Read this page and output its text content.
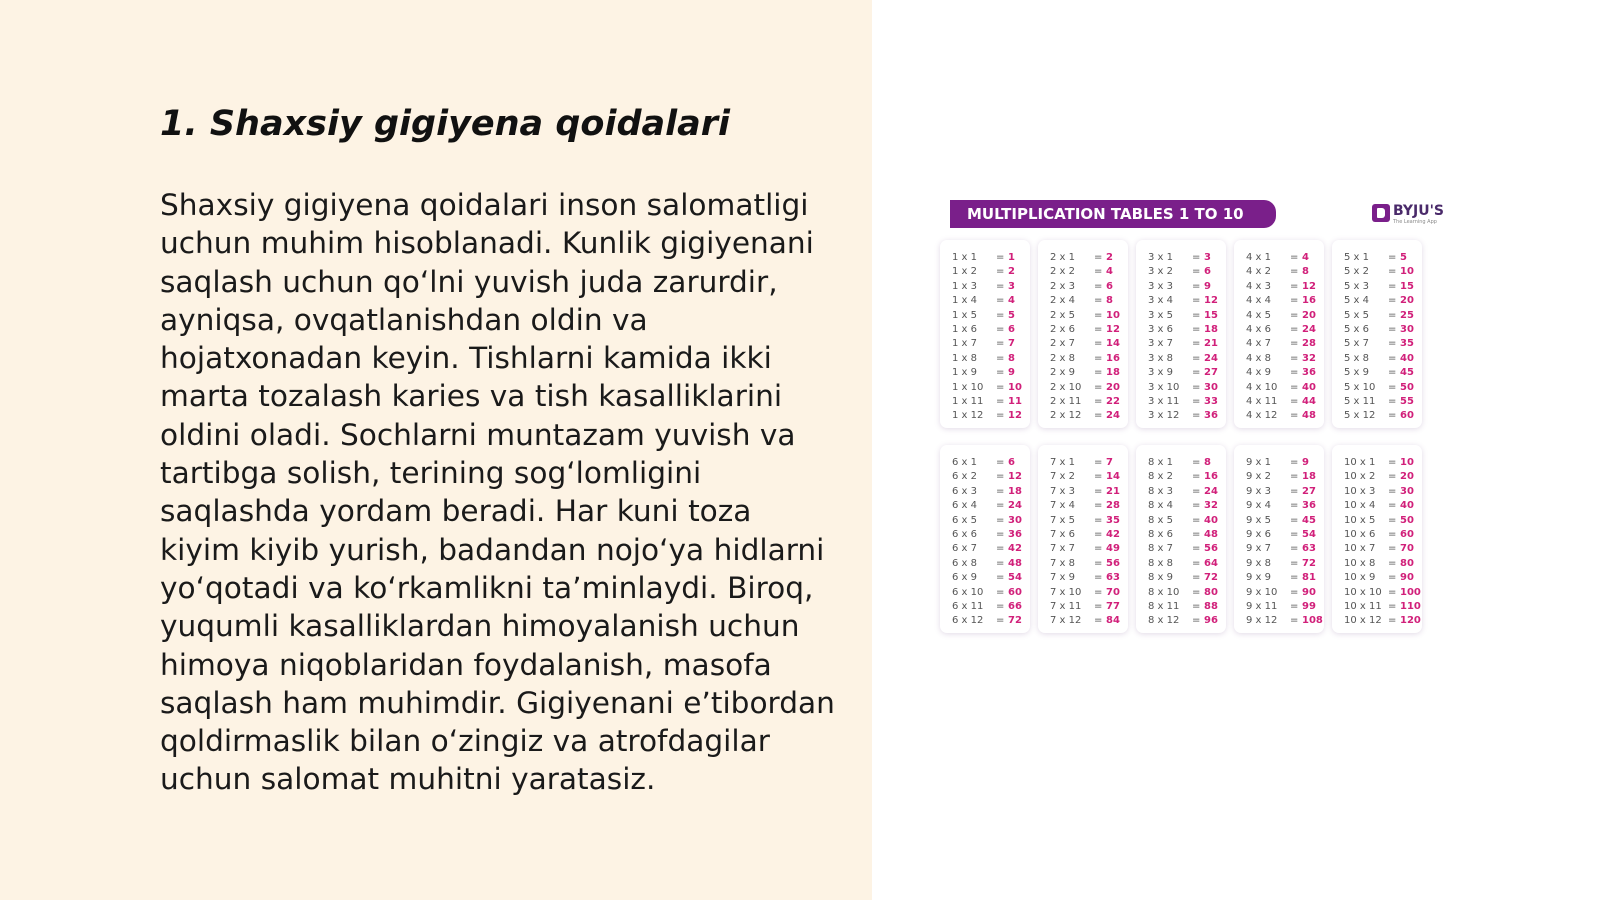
1. Shaxsiy gigiyena qoidalari

Shaxsiy gigiyena qoidalari inson salomatligi
uchun muhim hisoblanadi. Kunlik gigiyenani
saqlash uchun qo‘lni yuvish juda zarurdir,
ayniqsa, ovqatlanishdan oldin va
hojatxonadan keyin. Tishlarni kamida ikki
marta tozalash karies va tish kasalliklarini
oldini oladi. Sochlarni muntazam yuvish va
tartibga solish, terining sog‘lomligini
saqlashda yordam beradi. Har kuni toza
kiyim kiyib yurish, badandan nojo‘ya hidlarni
yo‘qotadi va ko‘rkamlikni ta’minlaydi. Biroq,
yuqumli kasalliklardan himoyalanish uchun
himoya niqoblaridan foydalanish, masofa
saqlash ham muhimdir. Gigiyenani e’tibordan
qoldirmaslik bilan o‘zingiz va atrofdagilar
uchun salomat muhitni yaratasiz.

MULTIPLICATION TABLES 1 TO 10	BYJU'S
The Learning App
1 x 1	= 1
1 x 2	= 2
1 x 3	= 3
1 x 4	= 4
1 x 5	= 5
1 x 6	= 6
1 x 7	= 7
1 x 8	= 8
1 x 9	= 9
1 x 10	= 10
1 x 11	= 11
1 x 12	= 12
2 x 1	= 2
2 x 2	= 4
2 x 3	= 6
2 x 4	= 8
2 x 5	= 10
2 x 6	= 12
2 x 7	= 14
2 x 8	= 16
2 x 9	= 18
2 x 10	= 20
2 x 11	= 22
2 x 12	= 24
3 x 1	= 3
3 x 2	= 6
3 x 3	= 9
3 x 4	= 12
3 x 5	= 15
3 x 6	= 18
3 x 7	= 21
3 x 8	= 24
3 x 9	= 27
3 x 10	= 30
3 x 11	= 33
3 x 12	= 36
4 x 1	= 4
4 x 2	= 8
4 x 3	= 12
4 x 4	= 16
4 x 5	= 20
4 x 6	= 24
4 x 7	= 28
4 x 8	= 32
4 x 9	= 36
4 x 10	= 40
4 x 11	= 44
4 x 12	= 48
5 x 1	= 5
5 x 2	= 10
5 x 3	= 15
5 x 4	= 20
5 x 5	= 25
5 x 6	= 30
5 x 7	= 35
5 x 8	= 40
5 x 9	= 45
5 x 10	= 50
5 x 11	= 55
5 x 12	= 60
6 x 1	= 6
6 x 2	= 12
6 x 3	= 18
6 x 4	= 24
6 x 5	= 30
6 x 6	= 36
6 x 7	= 42
6 x 8	= 48
6 x 9	= 54
6 x 10	= 60
6 x 11	= 66
6 x 12	= 72
7 x 1	= 7
7 x 2	= 14
7 x 3	= 21
7 x 4	= 28
7 x 5	= 35
7 x 6	= 42
7 x 7	= 49
7 x 8	= 56
7 x 9	= 63
7 x 10	= 70
7 x 11	= 77
7 x 12	= 84
8 x 1	= 8
8 x 2	= 16
8 x 3	= 24
8 x 4	= 32
8 x 5	= 40
8 x 6	= 48
8 x 7	= 56
8 x 8	= 64
8 x 9	= 72
8 x 10	= 80
8 x 11	= 88
8 x 12	= 96
9 x 1	= 9
9 x 2	= 18
9 x 3	= 27
9 x 4	= 36
9 x 5	= 45
9 x 6	= 54
9 x 7	= 63
9 x 8	= 72
9 x 9	= 81
9 x 10	= 90
9 x 11	= 99
9 x 12	= 108
10 x 1	= 10
10 x 2	= 20
10 x 3	= 30
10 x 4	= 40
10 x 5	= 50
10 x 6	= 60
10 x 7	= 70
10 x 8	= 80
10 x 9	= 90
10 x 10 = 100
10 x 11 = 110
10 x 12 = 120
